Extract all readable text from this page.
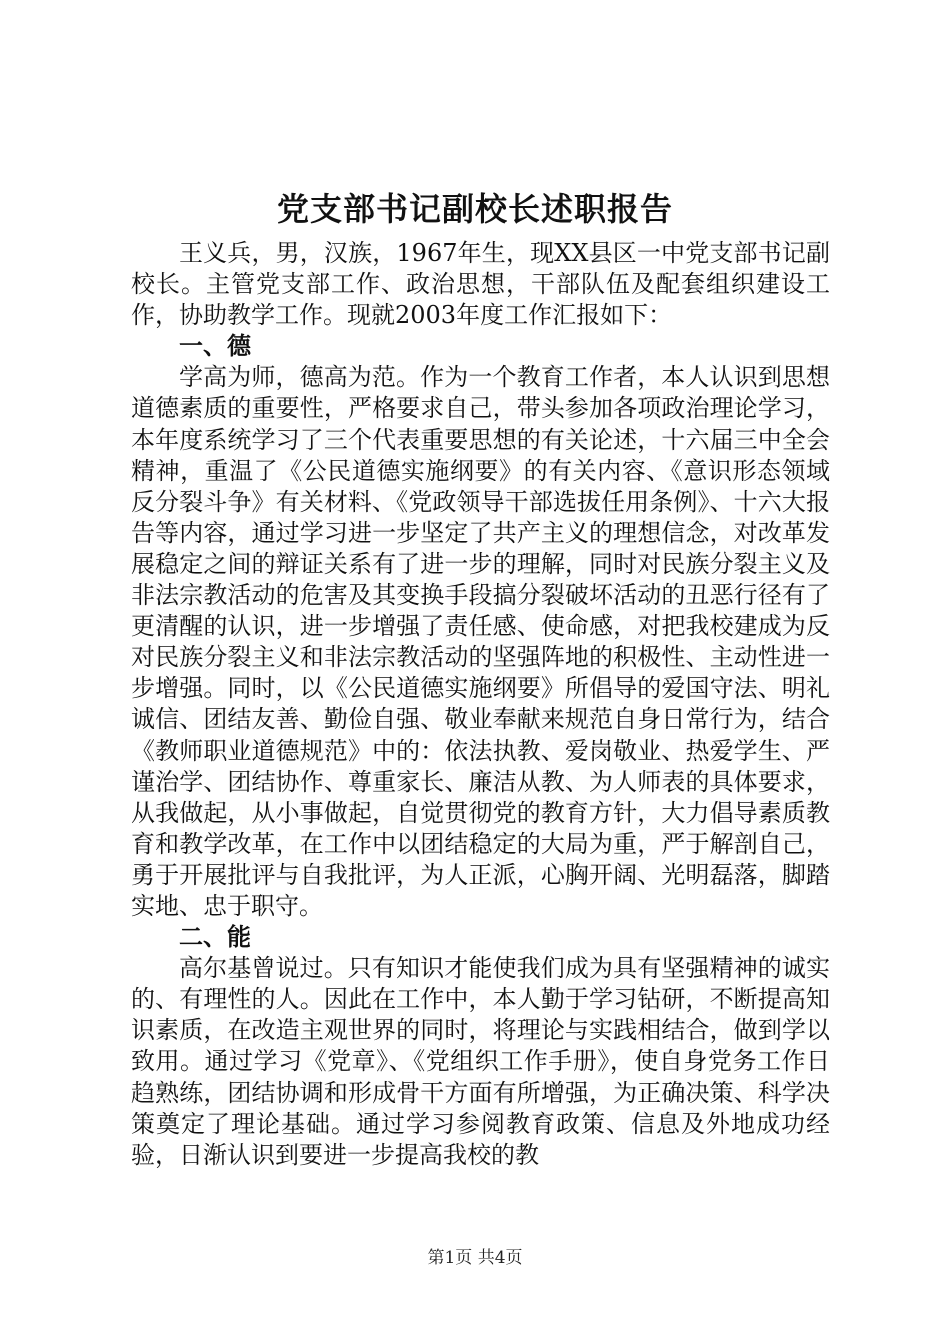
党支部书记副校长述职报告

王义兵，男，汉族，1967年生，现XX县区一中党支部书记副校长。主管党支部工作、政治思想，干部队伍及配套组织建设工作，协助教学工作。现就2003年度工作汇报如下：

一、德

学高为师，德高为范。作为一个教育工作者，本人认识到思想道德素质的重要性，严格要求自己，带头参加各项政治理论学习，本年度系统学习了三个代表重要思想的有关论述，十六届三中全会精神，重温了《公民道德实施纲要》的有关内容、《意识形态领域反分裂斗争》有关材料、《党政领导干部选拔任用条例》、十六大报告等内容，通过学习进一步坚定了共产主义的理想信念，对改革发展稳定之间的辩证关系有了进一步的理解，同时对民族分裂主义及非法宗教活动的危害及其变换手段搞分裂破坏活动的丑恶行径有了更清醒的认识，进一步增强了责任感、使命感，对把我校建成为反对民族分裂主义和非法宗教活动的坚强阵地的积极性、主动性进一步增强。同时，以《公民道德实施纲要》所倡导的爱国守法、明礼诚信、团结友善、勤俭自强、敬业奉献来规范自身日常行为，结合《教师职业道德规范》中的：依法执教、爱岗敬业、热爱学生、严谨治学、团结协作、尊重家长、廉洁从教、为人师表的具体要求，从我做起，从小事做起，自觉贯彻党的教育方针，大力倡导素质教育和教学改革，在工作中以团结稳定的大局为重，严于解剖自己，勇于开展批评与自我批评，为人正派，心胸开阔、光明磊落，脚踏实地、忠于职守。

二、能

高尔基曾说过。只有知识才能使我们成为具有坚强精神的诚实的、有理性的人。因此在工作中，本人勤于学习钻研，不断提高知识素质，在改造主观世界的同时，将理论与实践相结合，做到学以致用。通过学习《党章》、《党组织工作手册》，使自身党务工作日趋熟练，团结协调和形成骨干方面有所增强，为正确决策、科学决策奠定了理论基础。通过学习参阅教育政策、信息及外地成功经验，日渐认识到要进一步提高我校的教

第1页 共4页
